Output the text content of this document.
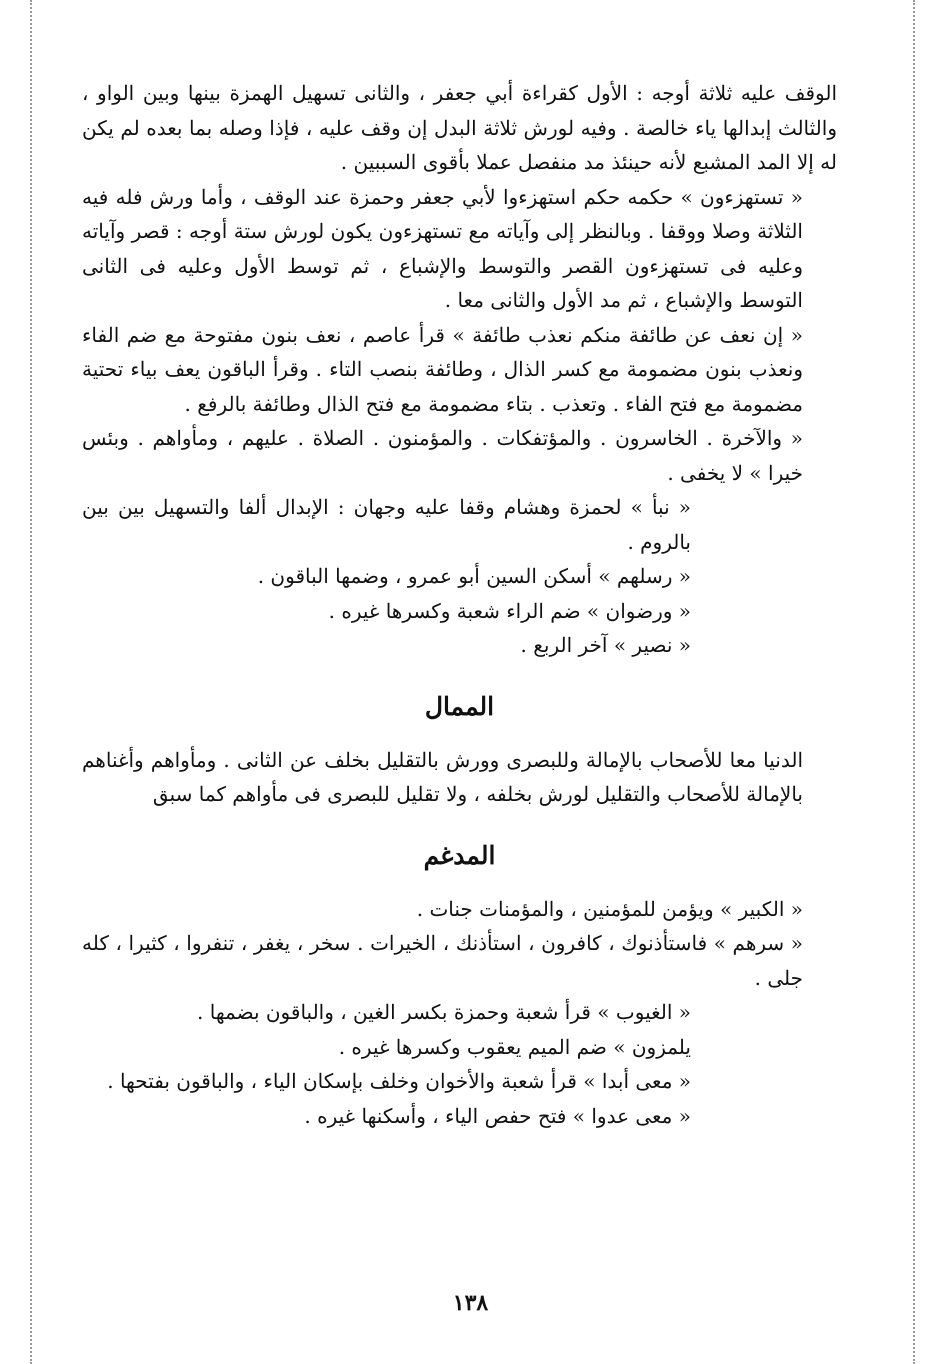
الوقف عليه ثلاثة أوجه : الأول كقراءة أبي جعفر ، والثانى تسهيل الهمزة بينها وبين الواو ، والثالث إبدالها ياء خالصة . وفيه لورش ثلاثة البدل إن وقف عليه ، فإذا وصله بما بعده لم يكن له إلا المد المشبع لأنه حينئذ مد منفصل عملا بأقوى السببين .

« تستهزءون » حكمه حكم استهزءوا لأبي جعفر وحمزة عند الوقف ، وأما ورش فله فيه الثلاثة وصلا ووقفا . وبالنظر إلى وآياته مع تستهزءون يكون لورش ستة أوجه : قصر وآياته وعليه فى تستهزءون القصر والتوسط والإشباع ، ثم توسط الأول وعليه فى الثانى التوسط والإشباع ، ثم مد الأول والثانى معا .

« إن نعف عن طائفة منكم نعذب طائفة » قرأ عاصم ، نعف بنون مفتوحة مع ضم الفاء ونعذب بنون مضمومة مع كسر الذال ، وطائفة بنصب التاء . وقرأ الباقون يعف بياء تحتية مضمومة مع فتح الفاء . وتعذب . بتاء مضمومة مع فتح الذال وطائفة بالرفع .

« والآخرة . الخاسرون . والمؤتفكات . والمؤمنون . الصلاة . عليهم ، ومأواهم . وبئس خيرا » لا يخفى .

« نبأ » لحمزة وهشام وقفا عليه وجهان : الإبدال ألفا والتسهيل بين بين بالروم .

« رسلهم » أسكن السين أبو عمرو ، وضمها الباقون .

« ورضوان » ضم الراء شعبة وكسرها غيره .

« نصير » آخر الربع .

الممال

الدنيا معا للأصحاب بالإمالة وللبصرى وورش بالتقليل بخلف عن الثانى . ومأواهم وأغناهم بالإمالة للأصحاب والتقليل لورش بخلفه ، ولا تقليل للبصرى فى مأواهم كما سبق

المدغم

« الكبير » ويؤمن للمؤمنين ، والمؤمنات جنات .

« سرهم » فاستأذنوك ، كافرون ، استأذنك ، الخيرات . سخر ، يغفر ، تنفروا ، كثيرا ، كله جلى .

« الغيوب » قرأ شعبة وحمزة بكسر الغين ، والباقون بضمها .

يلمزون » ضم الميم يعقوب وكسرها غيره .

« معى أبدا » قرأ شعبة والأخوان وخلف بإسكان الياء ، والباقون بفتحها .

« معى عدوا » فتح حفص الياء ، وأسكنها غيره .

١٣٨
